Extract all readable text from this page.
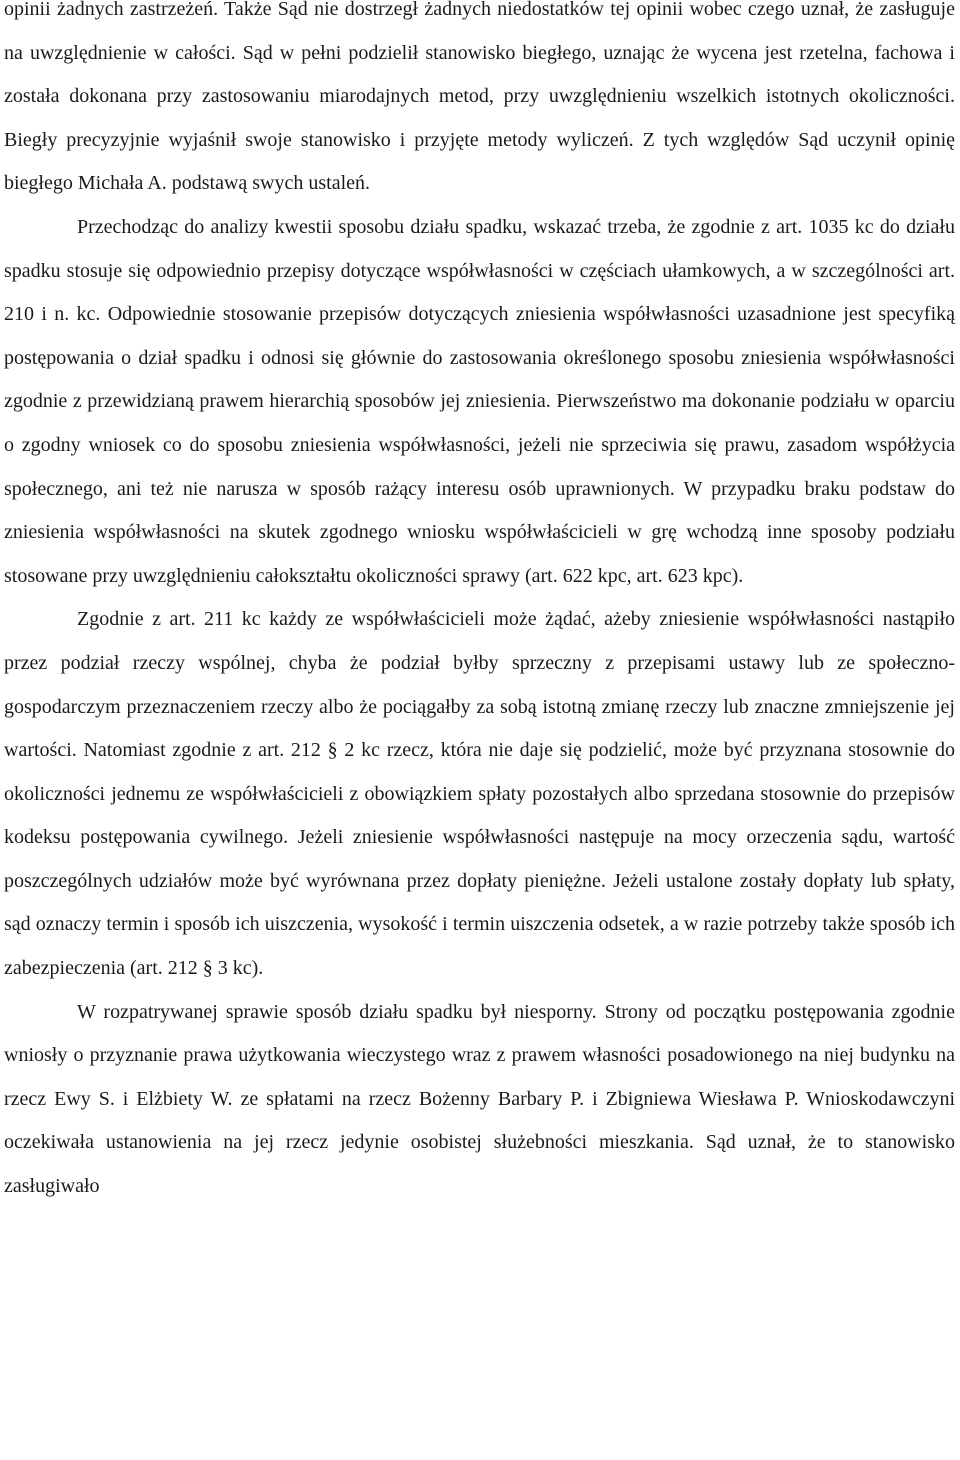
opinii żadnych zastrzeżeń. Także Sąd nie dostrzegł żadnych niedostatków tej opinii wobec czego uznał, że zasługuje na uwzględnienie w całości. Sąd w pełni podzielił stanowisko biegłego, uznając że wycena jest rzetelna, fachowa i została dokonana przy zastosowaniu miarodajnych metod, przy uwzględnieniu wszelkich istotnych okoliczności. Biegły precyzyjnie wyjaśnił swoje stanowisko i przyjęte metody wyliczeń. Z tych względów Sąd uczynił opinię biegłego Michała A. podstawą swych ustaleń.

Przechodząc do analizy kwestii sposobu działu spadku, wskazać trzeba, że zgodnie z art. 1035 kc do działu spadku stosuje się odpowiednio przepisy dotyczące współwłasności w częściach ułamkowych, a w szczególności art. 210 i n. kc. Odpowiednie stosowanie przepisów dotyczących zniesienia współwłasności uzasadnione jest specyfiką postępowania o dział spadku i odnosi się głównie do zastosowania określonego sposobu zniesienia współwłasności zgodnie z przewidzianą prawem hierarchią sposobów jej zniesienia. Pierwszeństwo ma dokonanie podziału w oparciu o zgodny wniosek co do sposobu zniesienia współwłasności, jeżeli nie sprzeciwia się prawu, zasadom współżycia społecznego, ani też nie narusza w sposób rażący interesu osób uprawnionych. W przypadku braku podstaw do zniesienia współwłasności na skutek zgodnego wniosku współwłaścicieli w grę wchodzą inne sposoby podziału stosowane przy uwzględnieniu całokształtu okoliczności sprawy (art. 622 kpc, art. 623 kpc).

Zgodnie z art. 211 kc każdy ze współwłaścicieli może żądać, ażeby zniesienie współwłasności nastąpiło przez podział rzeczy wspólnej, chyba że podział byłby sprzeczny z przepisami ustawy lub ze społeczno-gospodarczym przeznaczeniem rzeczy albo że pociągałby za sobą istotną zmianę rzeczy lub znaczne zmniejszenie jej wartości. Natomiast zgodnie z art. 212 § 2 kc rzecz, która nie daje się podzielić, może być przyznana stosownie do okoliczności jednemu ze współwłaścicieli z obowiązkiem spłaty pozostałych albo sprzedana stosownie do przepisów kodeksu postępowania cywilnego. Jeżeli zniesienie współwłasności następuje na mocy orzeczenia sądu, wartość poszczególnych udziałów może być wyrównana przez dopłaty pieniężne. Jeżeli ustalone zostały dopłaty lub spłaty, sąd oznaczy termin i sposób ich uiszczenia, wysokość i termin uiszczenia odsetek, a w razie potrzeby także sposób ich zabezpieczenia (art. 212 § 3 kc).

W rozpatrywanej sprawie sposób działu spadku był niesporny. Strony od początku postępowania zgodnie wniosły o przyznanie prawa użytkowania wieczystego wraz z prawem własności posadowionego na niej budynku na rzecz Ewy S. i Elżbiety W. ze spłatami na rzecz Bożenny Barbary P. i Zbigniewa Wiesława P. Wnioskodawczyni oczekiwała ustanowienia na jej rzecz jedynie osobistej służebności mieszkania. Sąd uznał, że to stanowisko zasługiwało
